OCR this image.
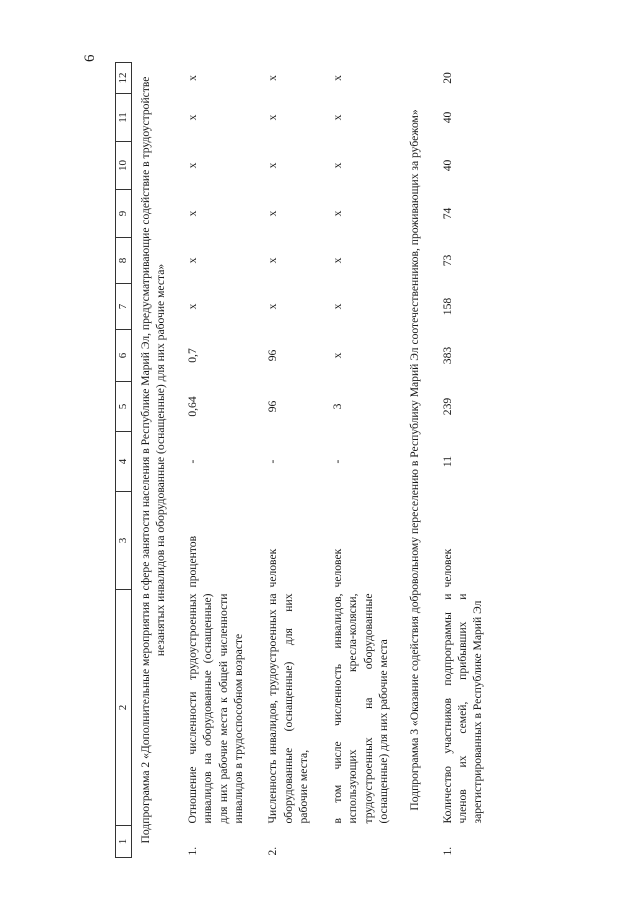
6
1	2	3	4	5	6	7	8	9	10	11	12
Подпрограмма 2 «Дополнительные мероприятия в сфере занятости населения в Республике Марий Эл, предусматривающие содействие в трудоустройстве незанятых инвалидов на оборудованные (оснащенные) для них рабочие места»											
1.	Отношение численности трудоустроенных инвалидов на оборудованные (оснащенные) для них рабочие места к общей численности инвалидов в трудоспособном возрасте	процентов	-	0,64	0,7	x	x	x	x	x	x
2.	Численность инвалидов, трудоустроенных на оборудованные (оснащенные) для них рабочие места,	человек	-	96	96	x	x	x	x	x	x
	в том числе численность инвалидов, использующих кресла-коляски, трудоустроенных на оборудованные (оснащенные) для них рабочие места	человек	-	3	x	x	x	x	x	x	x
Подпрограмма 3 «Оказание содействия добровольному переселению в Республику Марий Эл соотечественников, проживающих за рубежом»											
1.	Количество участников подпрограммы и членов их семей, прибывших и зарегистрированных в Республике Марий Эл	человек	11	239	383	158	73	74	40	40	20
